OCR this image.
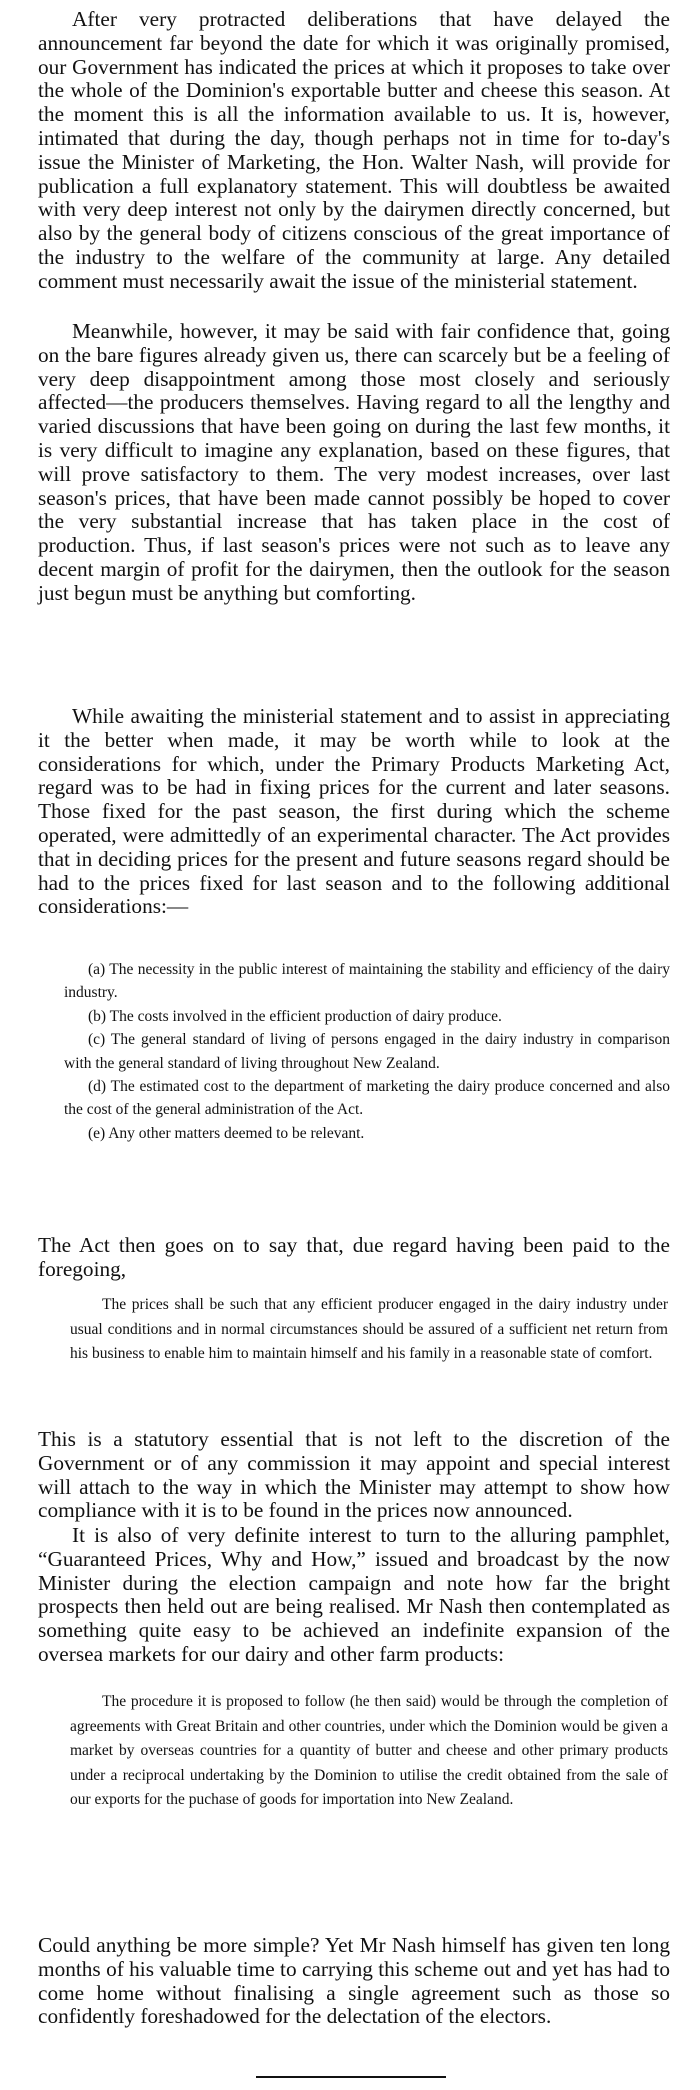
After very protracted deliberations that have delayed the announcement far beyond the date for which it was originally promised, our Government has indicated the prices at which it proposes to take over the whole of the Dominion's exportable butter and cheese this season. At the moment this is all the information available to us. It is, however, intimated that during the day, though perhaps not in time for to-day's issue the Minister of Marketing, the Hon. Walter Nash, will provide for publication a full explanatory statement. This will doubtless be awaited with very deep interest not only by the dairymen directly concerned, but also by the general body of citizens conscious of the great importance of the industry to the welfare of the community at large. Any detailed comment must necessarily await the issue of the ministerial statement.

Meanwhile, however, it may be said with fair confidence that, going on the bare figures already given us, there can scarcely but be a feeling of very deep disappointment among those most closely and seriously affected—the producers themselves. Having regard to all the lengthy and varied discussions that have been going on during the last few months, it is very difficult to imagine any explanation, based on these figures, that will prove satisfactory to them. The very modest increases, over last season's prices, that have been made cannot possibly be hoped to cover the very substantial increase that has taken place in the cost of production. Thus, if last season's prices were not such as to leave any decent margin of profit for the dairymen, then the outlook for the season just begun must be anything but comforting.

While awaiting the ministerial statement and to assist in appreciating it the better when made, it may be worth while to look at the considerations for which, under the Primary Products Marketing Act, regard was to be had in fixing prices for the current and later seasons. Those fixed for the past season, the first during which the scheme operated, were admittedly of an experimental character. The Act provides that in deciding prices for the present and future seasons regard should be had to the prices fixed for last season and to the following additional considerations:—

(a) The necessity in the public interest of maintaining the stability and efficiency of the dairy industry.

(b) The costs involved in the efficient production of dairy produce.

(c) The general standard of living of persons engaged in the dairy industry in comparison with the general standard of living throughout New Zealand.

(d) The estimated cost to the department of marketing the dairy produce concerned and also the cost of the general administration of the Act.

(e) Any other matters deemed to be relevant.

The Act then goes on to say that, due regard having been paid to the foregoing,

The prices shall be such that any efficient producer engaged in the dairy industry under usual conditions and in normal circumstances should be assured of a sufficient net return from his business to enable him to maintain himself and his family in a reasonable state of comfort.

This is a statutory essential that is not left to the discretion of the Government or of any commission it may appoint and special interest will attach to the way in which the Minister may attempt to show how compliance with it is to be found in the prices now announced.

It is also of very definite interest to turn to the alluring pamphlet, “Guaranteed Prices, Why and How,” issued and broadcast by the now Minister during the election campaign and note how far the bright prospects then held out are being realised. Mr Nash then contemplated as something quite easy to be achieved an indefinite expansion of the oversea markets for our dairy and other farm products:

The procedure it is proposed to follow (he then said) would be through the completion of agreements with Great Britain and other countries, under which the Dominion would be given a market by overseas countries for a quantity of butter and cheese and other primary products under a reciprocal undertaking by the Dominion to utilise the credit obtained from the sale of our exports for the puchase of goods for importation into New Zealand.

Could anything be more simple? Yet Mr Nash himself has given ten long months of his valuable time to carrying this scheme out and yet has had to come home without finalising a single agreement such as those so confidently foreshadowed for the delectation of the electors.
